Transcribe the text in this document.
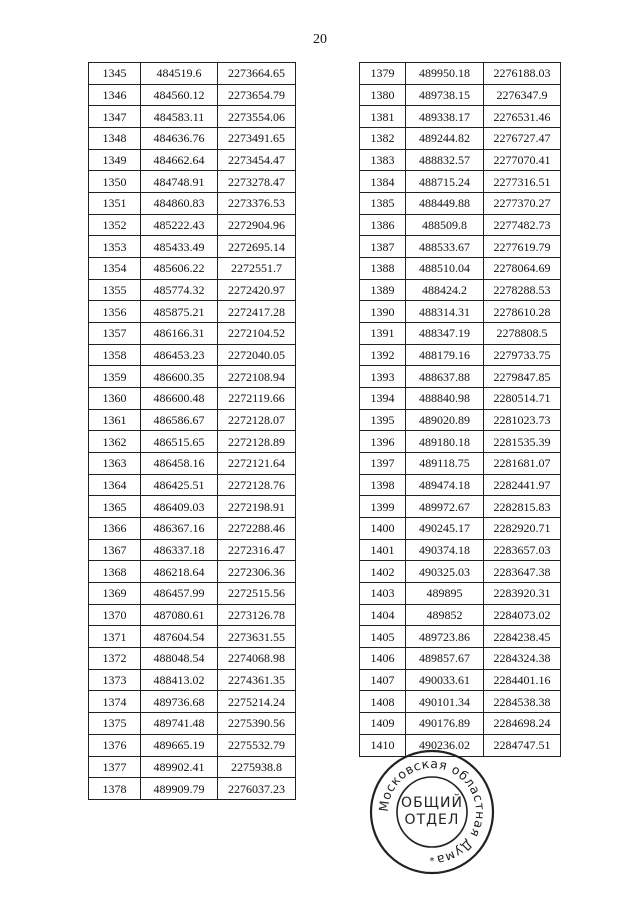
20
1345	484519.6	2273664.65
1346	484560.12	2273654.79
1347	484583.11	2273554.06
1348	484636.76	2273491.65
1349	484662.64	2273454.47
1350	484748.91	2273278.47
1351	484860.83	2273376.53
1352	485222.43	2272904.96
1353	485433.49	2272695.14
1354	485606.22	2272551.7
1355	485774.32	2272420.97
1356	485875.21	2272417.28
1357	486166.31	2272104.52
1358	486453.23	2272040.05
1359	486600.35	2272108.94
1360	486600.48	2272119.66
1361	486586.67	2272128.07
1362	486515.65	2272128.89
1363	486458.16	2272121.64
1364	486425.51	2272128.76
1365	486409.03	2272198.91
1366	486367.16	2272288.46
1367	486337.18	2272316.47
1368	486218.64	2272306.36
1369	486457.99	2272515.56
1370	487080.61	2273126.78
1371	487604.54	2273631.55
1372	488048.54	2274068.98
1373	488413.02	2274361.35
1374	489736.68	2275214.24
1375	489741.48	2275390.56
1376	489665.19	2275532.79
1377	489902.41	2275938.8
1378	489909.79	2276037.23
1379	489950.18	2276188.03
1380	489738.15	2276347.9
1381	489338.17	2276531.46
1382	489244.82	2276727.47
1383	488832.57	2277070.41
1384	488715.24	2277316.51
1385	488449.88	2277370.27
1386	488509.8	2277482.73
1387	488533.67	2277619.79
1388	488510.04	2278064.69
1389	488424.2	2278288.53
1390	488314.31	2278610.28
1391	488347.19	2278808.5
1392	488179.16	2279733.75
1393	488637.88	2279847.85
1394	488840.98	2280514.71
1395	489020.89	2281023.73
1396	489180.18	2281535.39
1397	489118.75	2281681.07
1398	489474.18	2282441.97
1399	489972.67	2282815.83
1400	490245.17	2282920.71
1401	490374.18	2283657.03
1402	490325.03	2283647.38
1403	489895	2283920.31
1404	489852	2284073.02
1405	489723.86	2284238.45
1406	489857.67	2284324.38
1407	490033.61	2284401.16
1408	490101.34	2284538.38
1409	490176.89	2284698.24
1410	490236.02	2284747.51
Московская областная Дума
*
ОБЩИЙ
ОТДЕЛ
